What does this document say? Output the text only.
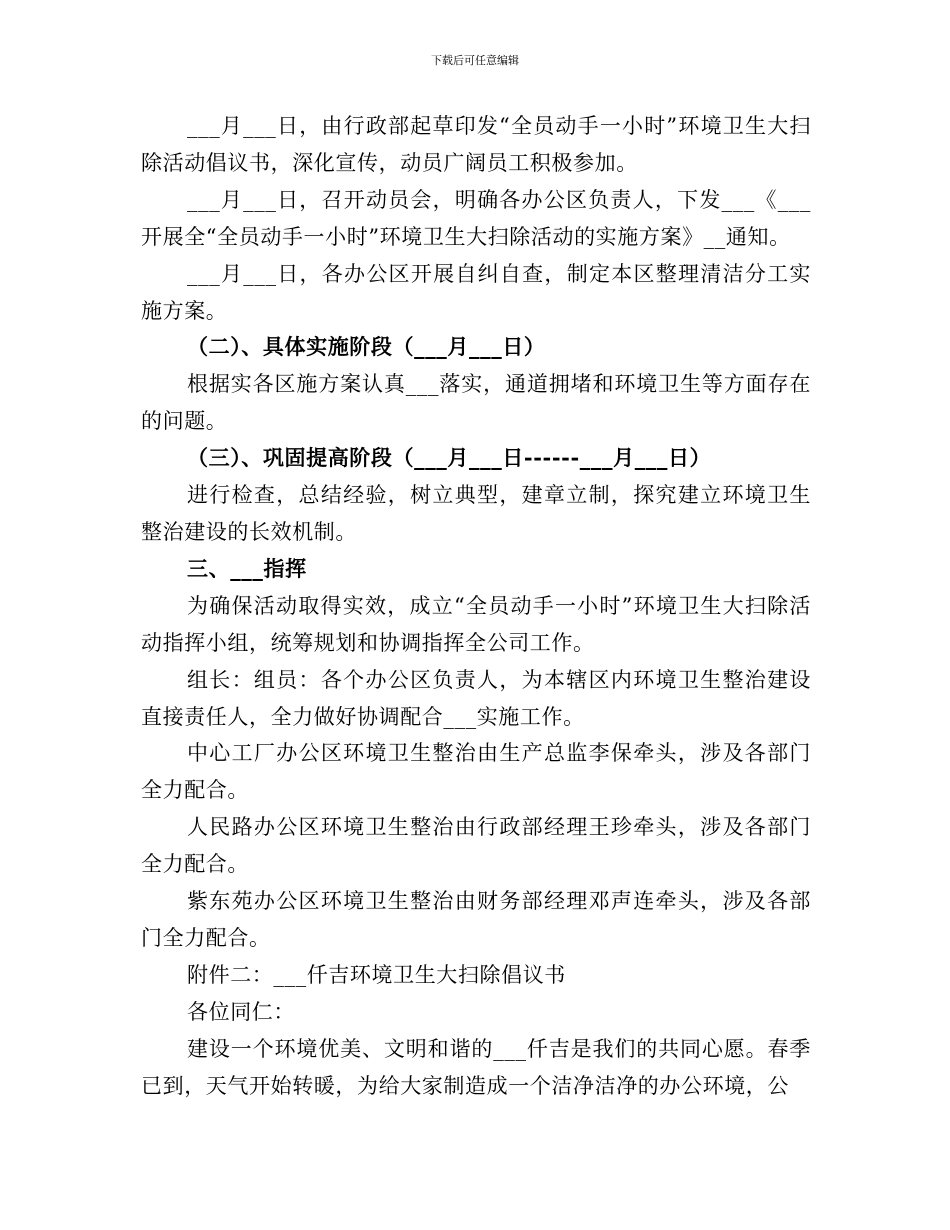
下载后可任意编辑

___月___日，由行政部起草印发“全员动手一小时”环境卫生大扫除活动倡议书，深化宣传，动员广阔员工积极参加。

___月___日，召开动员会，明确各办公区负责人，下发___《___开展全“全员动手一小时”环境卫生大扫除活动的实施方案》__通知。

___月___日，各办公区开展自纠自查，制定本区整理清洁分工实施方案。

（二）、具体实施阶段（___月___日）

根据实各区施方案认真___落实，通道拥堵和环境卫生等方面存在的问题。

（三）、巩固提高阶段（___月___日------___月___日）

进行检查，总结经验，树立典型，建章立制，探究建立环境卫生整治建设的长效机制。

三、___指挥

为确保活动取得实效，成立“全员动手一小时”环境卫生大扫除活动指挥小组，统筹规划和协调指挥全公司工作。

组长：组员：各个办公区负责人，为本辖区内环境卫生整治建设直接责任人，全力做好协调配合___实施工作。

中心工厂办公区环境卫生整治由生产总监李保牵头，涉及各部门全力配合。

人民路办公区环境卫生整治由行政部经理王珍牵头，涉及各部门全力配合。

紫东苑办公区环境卫生整治由财务部经理邓声连牵头，涉及各部门全力配合。

附件二：___仟吉环境卫生大扫除倡议书

各位同仁：

建设一个环境优美、文明和谐的___仟吉是我们的共同心愿。春季已到，天气开始转暖，为给大家制造成一个洁净洁净的办公环境，公
